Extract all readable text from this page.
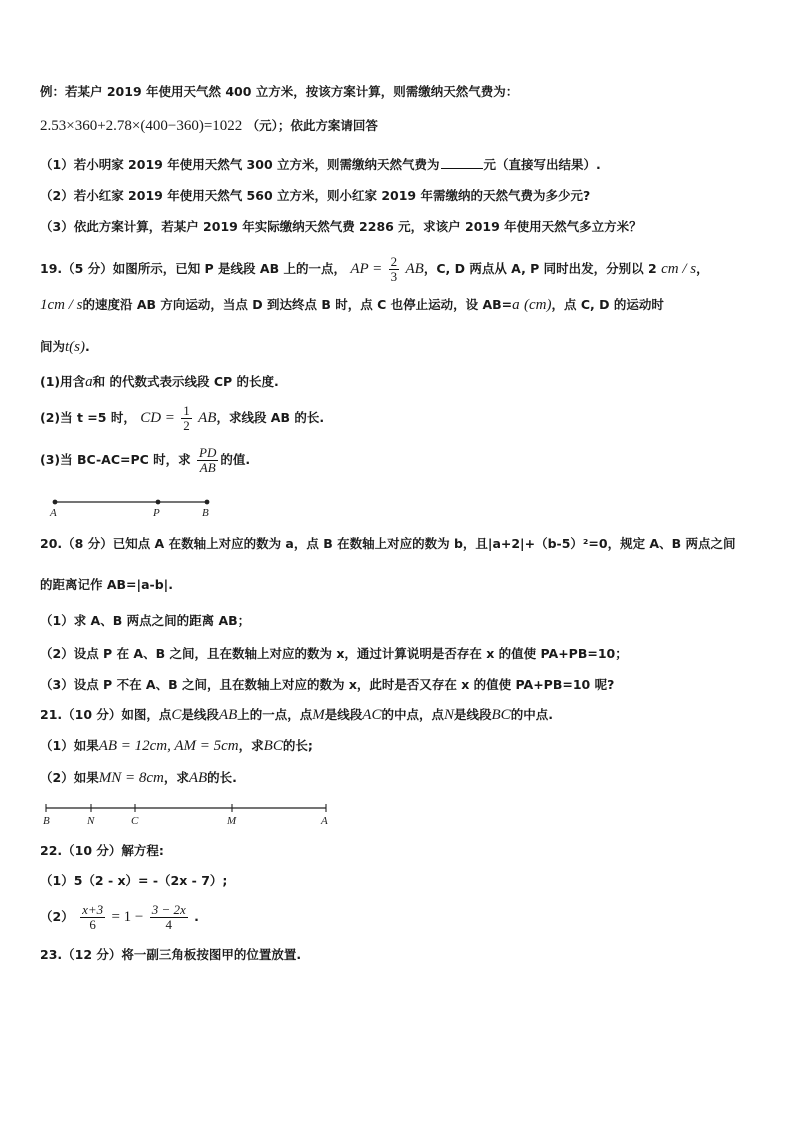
例：若某户 2019 年使用天气然 400 立方米，按该方案计算，则需缴纳天然气费为：
2.53×360+2.78×(400−360)=1022 （元）；依此方案请回答
（1）若小明家 2019 年使用天然气 300 立方米，则需缴纳天然气费为	元（直接写出结果）.
（2）若小红家 2019 年使用天然气 560 立方米，则小红家 2019 年需缴纳的天然气费为多少元?
（3）依此方案计算，若某户 2019 年实际缴纳天然气费 2286 元，求该户 2019 年使用天然气多立方米？
19.（5 分）如图所示，已知 P 是线段 AB 上的一点， AP = $\frac{2}{3}$ AB，C, D 两点从 A, P 同时出发，分别以 2 cm / s，
1cm / s的速度沿 AB 方向运动，当点 D 到达终点 B 时，点 C 也停止运动，设 AB=a (cm)，点 C, D 的运动时
间为t(s).
(1)用含a和 的代数式表示线段 CP 的长度.
(2)当 t =5 时， CD = $\frac{1}{2}$ AB，求线段 AB 的长.
(3)当 BC-AC=PC 时，求 $\frac{PD}{AB}$ 的值.
A	P	B
20.（8 分）已知点 A 在数轴上对应的数为 a，点 B 在数轴上对应的数为 b，且|a+2|+（b-5）²=0，规定 A、B 两点之间
的距离记作 AB=|a-b|.
（1）求 A、B 两点之间的距离 AB；
（2）设点 P 在 A、B 之间，且在数轴上对应的数为 x，通过计算说明是否存在 x 的值使 PA+PB=10；
（3）设点 P 不在 A、B 之间，且在数轴上对应的数为 x，此时是否又存在 x 的值使 PA+PB=10 呢?
21.（10 分）如图，点C是线段AB上的一点，点M是线段AC的中点，点N是线段BC的中点.
（1）如果AB = 12cm, AM = 5cm，求BC的长;
（2）如果MN = 8cm，求AB的长.
B	N	C	M	A
22.（10 分）解方程:
（1）5（2 - x）= -（2x - 7）;
$(2) \frac{x+3}{6} = 1 - \frac{3 - 2x}{4}$ .
23.（12 分）将一副三角板按图甲的位置放置.
